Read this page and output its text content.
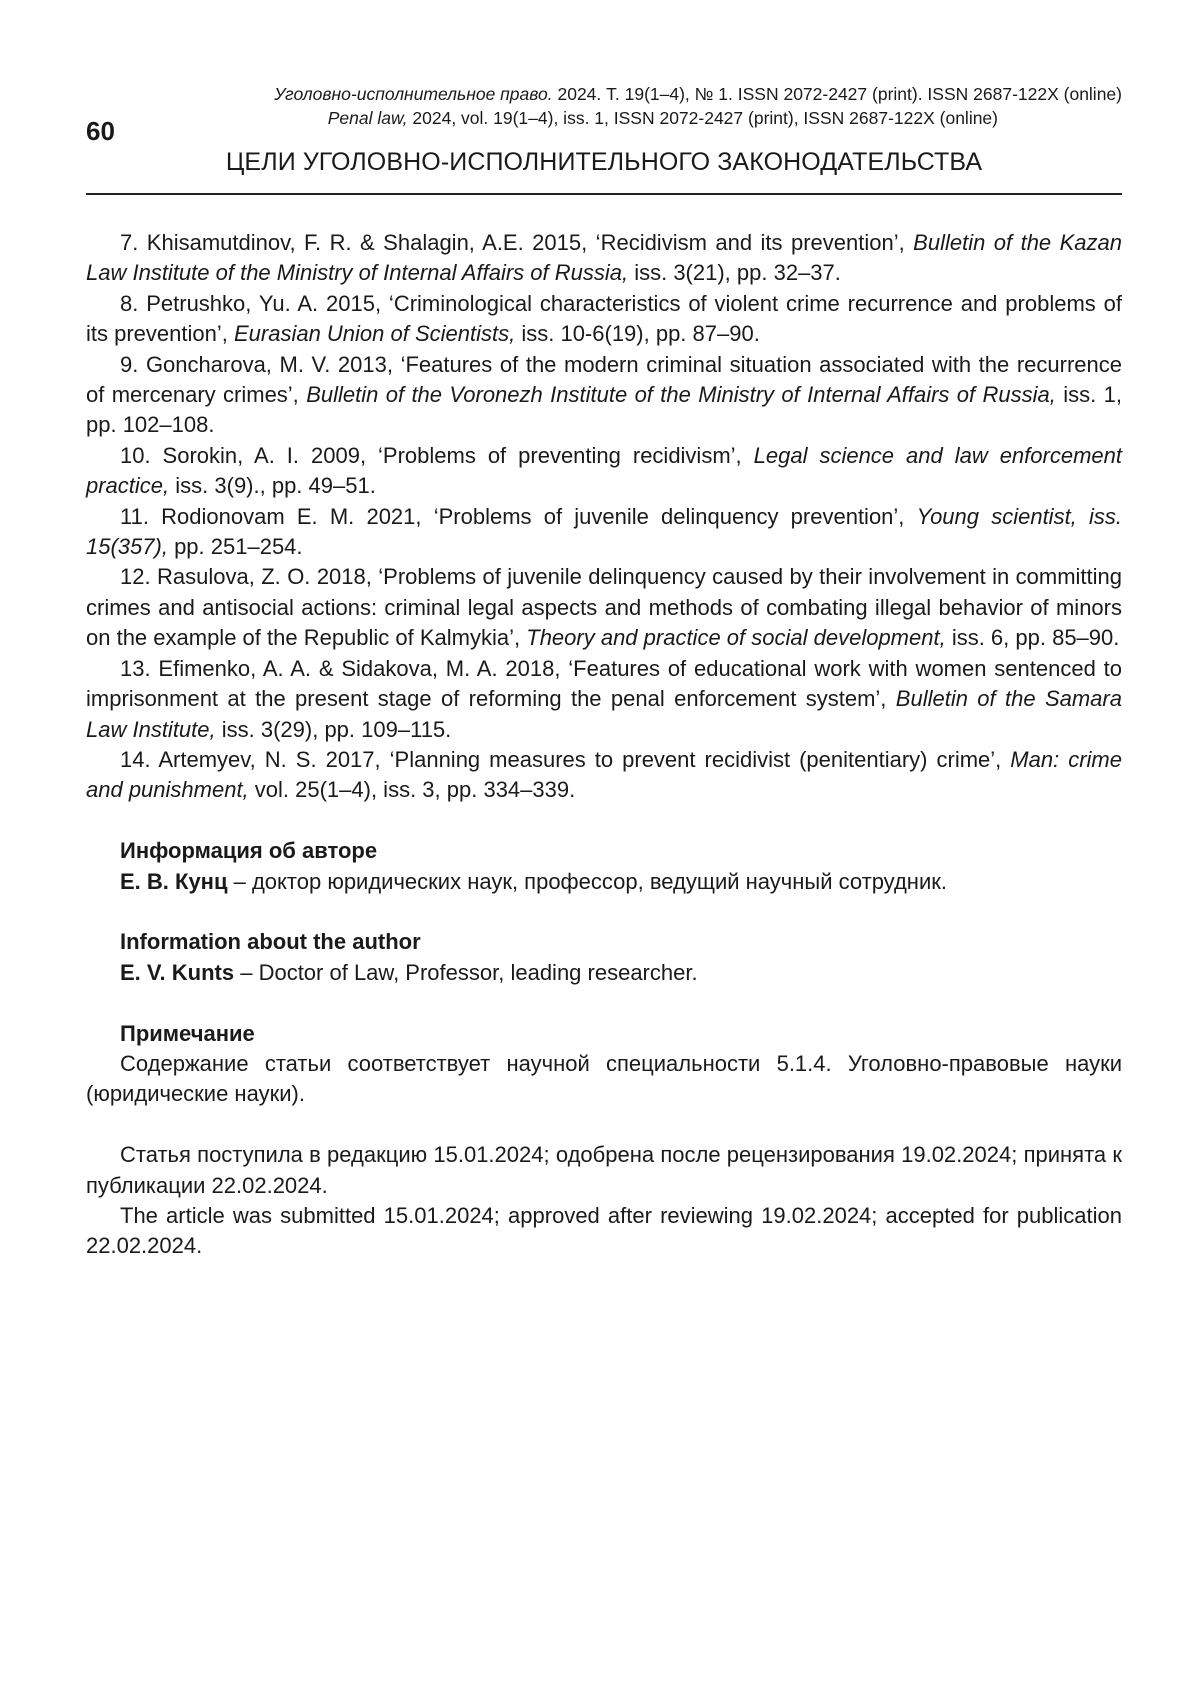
60
Уголовно-исполнительное право. 2024. Т. 19(1–4), № 1. ISSN 2072-2427 (print). ISSN 2687-122X (online)
Penal law, 2024, vol. 19(1–4), iss. 1, ISSN 2072-2427 (print), ISSN 2687-122X (online)
ЦЕЛИ УГОЛОВНО-ИСПОЛНИТЕЛЬНОГО ЗАКОНОДАТЕЛЬСТВА

7. Khisamutdinov, F. R. & Shalagin, A.E. 2015, ‘Recidivism and its prevention’, Bulletin of the Kazan Law Institute of the Ministry of Internal Affairs of Russia, iss. 3(21), pp. 32–37.

8. Petrushko, Yu. A. 2015, ‘Criminological characteristics of violent crime recurrence and problems of its prevention’, Eurasian Union of Scientists, iss. 10-6(19), pp. 87–90.

9. Goncharova, M. V. 2013, ‘Features of the modern criminal situation associated with the recurrence of mercenary crimes’, Bulletin of the Voronezh Institute of the Ministry of Internal Affairs of Russia, iss. 1, pp. 102–108.

10. Sorokin, A. I. 2009, ‘Problems of preventing recidivism’, Legal science and law enforcement practice, iss. 3(9)., pp. 49–51.

11. Rodionovam E. M. 2021, ‘Problems of juvenile delinquency prevention’, Young scientist, iss. 15(357), pp. 251–254.

12. Rasulova, Z. O. 2018, ‘Problems of juvenile delinquency caused by their involvement in committing crimes and antisocial actions: criminal legal aspects and methods of combating illegal behavior of minors on the example of the Republic of Kalmykia’, Theory and practice of social development, iss. 6, pp. 85–90.

13. Efimenko, A. A. & Sidakova, M. A. 2018, ‘Features of educational work with women sentenced to imprisonment at the present stage of reforming the penal enforcement system’, Bulletin of the Samara Law Institute, iss. 3(29), pp. 109–115.

14. Artemyev, N. S. 2017, ‘Planning measures to prevent recidivist (penitentiary) crime’, Man: crime and punishment, vol. 25(1–4), iss. 3, pp. 334–339.

Информация об авторе

Е. В. Кунц – доктор юридических наук, профессор, ведущий научный сотрудник.

Information about the author

E. V. Kunts – Doctor of Law, Professor, leading researcher.

Примечание

Содержание статьи соответствует научной специальности 5.1.4. Уголовно-правовые науки (юридические науки).

Статья поступила в редакцию 15.01.2024; одобрена после рецензирования 19.02.2024; принята к публикации 22.02.2024.

The article was submitted 15.01.2024; approved after reviewing 19.02.2024; accepted for publication 22.02.2024.
